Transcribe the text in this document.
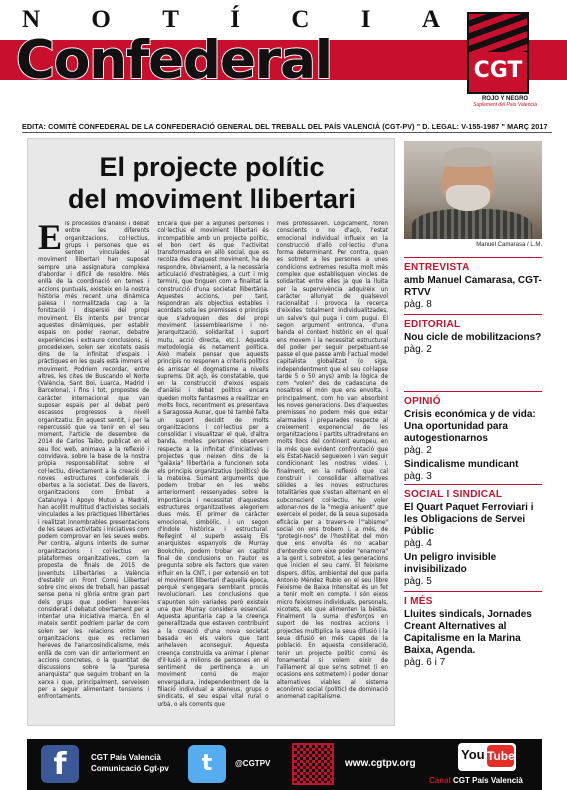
N O T Í C I A
Confederal	CGT
ROJO Y NEGRO
Suplement del País Valencià
EDITA: COMITÈ CONFEDERAL DE LA CONFEDERACIÓ GENERAL DEL TREBALL DEL PAÍS VALENCIÀ (CGT-PV) " D. LEGAL: V-155-1987 " MARÇ 2017
El projecte polític
del moviment llibertari
E ls processos d'anàlisi i debat entre les diferents organitzacions, col·lectius, grups i persones que es senten vinculades al moviment llibertari han suposat sempre una assignatura complexa d'abordar i difícil de resoldre. Més enllà de la coordinació en temes i accions puntuals, existeix en la nostra història més recent una dinàmica palesa i normalitzada cap a la fonització i dispersió del propi moviment. Els intents per trencar aquestes dinàmiques, per establir espais on poder raonar, debatre experiències i extraure conclusions, si procedeixen, solen ser xicotets oasis dins de la infinitat d'espais i pràctiques en les quals està immers el moviment. Podríem recordar, entre altres, les cites de Buscando el Norte (València, Sant Boi, Luarca, Madrid i Barcelona), i fins i tot, propostes de caràcter internacional que van suposar espais per al debat però escassos progressos a nivell organitzatiu. En aquest sentit, i per la repercussió que va tenir en el seu moment, l'article de desembre de 2014 de Carlos Taibo, publicat en el seu lloc web, animava a la reflexió i convidava, sobre la base de la nostra pròpia responsabilitat sobre el col·lectiu, directament a la creació de noves estructures confederals i obertes a la societat. Des de llavors, organitzacions com Embat a Catalunya i Apoyo Mutuo a Madrid, han acollit multitud d'activistes socials vinculades a les pràctiques llibertàries i realitzat innombrables presentacions de les seues activitats i iniciatives com podem comprovar en les seues webs. Per contra, alguns intents de sumar organitzacions i col·lectius en plataformes organitzatives, com la proposta de finals de 2015 de Juventuts Llibertàries a València d'establir un Front Comú Llibertari sobre cinc eixos de treball, han passat sense pena ni glòria entre gran part dels grups que podien haver-les considerat i debatut obertament per a intentar una iniciativa marca. En el mateix sentit podríem parlar de com solen ser les relacions entre les organitzacions que es reclamen hereves de l'anarcosindicalisme, més enllà de com van dir anteriorment en accions concretes, o la quantitat de discussions sobre la "puresa anarquista" que seguim trobant en la xarxa i que, principalment, serveixen per a seguir alimentant tensions i enfrontaments.
Encara que per a algunes persones i col·lectius el moviment llibertari és incompatible amb un projecte polític, el bon cert és que l'activitat transformadora en allò social, que es recolza des d'aquest moviment, ha de respondre, òbviament, a la necessària articulació d'estratègies, a curt i mig termini, que tinguen com a finalitat la construcció d'una societat llibertària. Aquestes accions, per tant, respondran als objectius estables i acordats sota les premisses o principis que s'advoquen des del propi moviment (assemblearisme i no-jerarquització, solidaritat i suport mutu, acció directa, etc.). Aquesta metodologia és netament política. Això mateix pensar que aquests principis no responen a criteris polítics és arrissar el dogmatisme a nivells suprems. Dit açò, és constatable, que en la construcció d'eixos espais d'anàlisi i debat polítics encara queden molts fantasmes a realitzar en molts llocs, recentment es presentava a Saragossa Aunar, que té també falta un suport decidit de molts organitzacions i col·lectius per a consolidar i visualitzar el què, d'altra banda, molles persones observem respecte a la infinitat d'iniciatives i projectes que neixen dins de la "galàxia" llibertària a funcionen sota els principis organitzatius (polítics) de la mateixa. Sumant arguments que podem trobar en les webs anteriorment ressenyades sobre la importància i necessitat d'aquestes estructures organitzatives alegoriem dues més. El primer de caràcter emocional, simbòlic, i un segon d'índole històrica i estructural. Rellegint el superb assaig Els anarquistes espanyols de Murray Bookchin, podem trobar en capítol final de conclusions on l'autor es pregunta sobre els factors que varen influir en la CNT, i per extensió en tot el moviment llibertari d'aquella època, perquè s'engegara semblant procés revolucionari. Les conclusions que s'apunten són variades però existeix una que Murray considera essencial. Aquesta apuntaria cap a la creença generalitzada que estaven contribuint a la creació d'una nova societat basada en els valors que tant anhelaven aconseguir. Aquesta creença construïda va animar i plenar d'il·lusió a milions de persones en el sentiment de pertinença a un moviment comú de major envergadura, independentment de la filiació individual a ateneus, grups o sindicats, el seu espai vital rural o urbà, o als corrents que
més professaven. Lògicament, foren conscients o no d'açò, l'estat emocional individual influeix en la construcció d'allò col·lectiu d'una forma determinant. Per contra, quan es sotmet a les persones a unes condicions extremes resulta molt més complex que establisquen vincles de solidaritat entre elles ja que la lluita per la supervivència adquireix un caràcter allunyat de qualsevol racionalitat i provoca la recerca d'eixides totalment individualitzades, un salve's qui puga i com pugui. El segon argument entronca, d'una banda el context històric en el qual ens movem i la necessitat estructural del poder per seguir perpetuant-se passe el que passe amb l'actual model capitalista globalitzat (o siga, independentment que el seu col·lapse tarde 5 o 50 anys) amb la lògica de com "volen" des de cadascuna de nosaltres el món que ens envolta, i principalment, com ho van absorbint les noves generacions. Des d'aquestes premisses no podem més que estar alarmades i preparades respecte al creixement exponencial de les organitzacions i partits ultradretans en molts llocs del continent europeu, en la més que evident confrontació que els Estat-Nació segueixen i van seguir condicionant les nostres vides i, finalment, en la reflexió que cal construir i consolidar alternatives sòlides a les noves estructures totalitàries que s'estan alternant en el subconscient col·lectiu. No voler adonar-nos de la "megia aniuent" que exerceix el poder, de la seua suposada eficàcia per a travers-re l'"abisme" social on ens trobem i, a més, de "protegir-nos" de l'hostilitat del món que ens envolta és no acabar d'entendre com eixe poder "enamora" a la gent i, sobretot, a les generacions que inicien el seu camí. El feixisme dispers, difús, ambiental del que parla Antonio Méndez Rubio en el seu llibre Feixisme de Baixa Intensitat és un fet a tenir molt en compte. I són eixos micro feixismes individuals, personals, xicotets, els que alimenten la bèstia. Finalment la suma d'esforços en suport de les nostres accions i projectes multiplica la seua difusió i la seua difusió en més capes de la població. En aquesta consideració, tenir un projecte polític comú és fonamental si volem eixir de l'aïllament al que se'ns sotmet (i en ocasions ens sotmetem) i poder donar alternatives viables al sistema econòmic social (polític) de dominació anomenat capitalisme.
Manuel Camarasa / L.M.
ENTREVISTA
amb Manuel Camarasa, CGT-RTVV
pàg. 8
EDITORIAL
Nou cicle de mobilitzacions?
pàg. 2
OPINIÓ
Crisis económica y de vida: Una oportunidad para autogestionarnos
pàg. 2
Sindicalisme mundicant
pàg. 3
SOCIAL I SINDICAL
El Quart Paquet Ferroviari i les Obligacions de Servei Públic
pàg. 4
Un peligro invisible invisibilizado
pàg. 5
I MÉS
Lluites sindicals, Jornades Creant Alternatives al Capitalisme en la Marina Baixa, Agenda.
pàg. 6 i 7
f	CGT País Valencià
Comunicació Cgt-pv	t	@CGTPV	www.cgtpv.org
You Tube
Canal CGT País Valencià
